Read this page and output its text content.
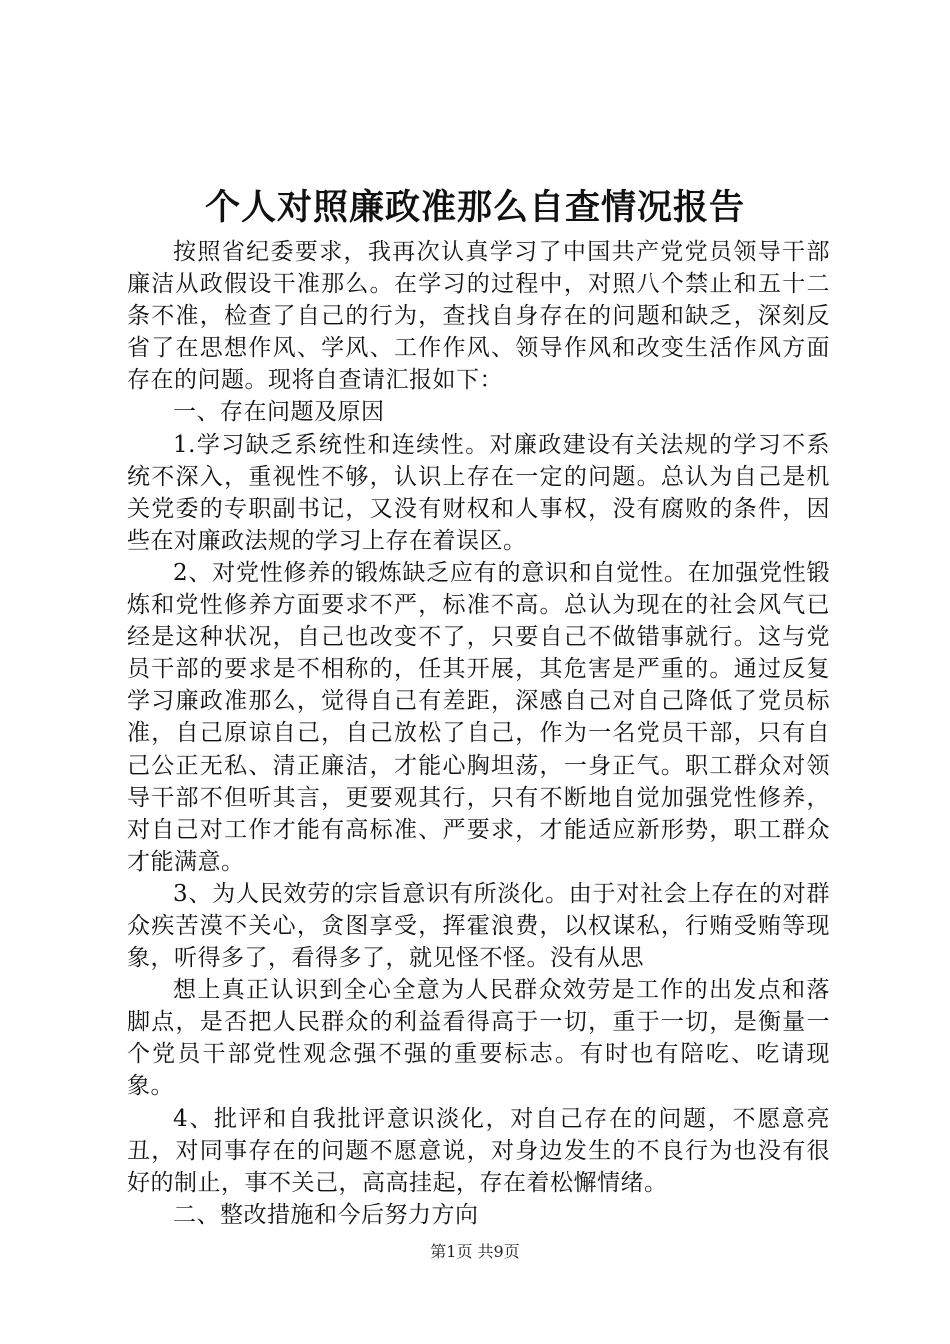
个人对照廉政准那么自查情况报告

按照省纪委要求，我再次认真学习了中国共产党党员领导干部廉洁从政假设干准那么。在学习的过程中，对照八个禁止和五十二条不准，检查了自己的行为，查找自身存在的问题和缺乏，深刻反省了在思想作风、学风、工作作风、领导作风和改变生活作风方面存在的问题。现将自查请汇报如下：

一、存在问题及原因

1.学习缺乏系统性和连续性。对廉政建设有关法规的学习不系统不深入，重视性不够，认识上存在一定的问题。总认为自己是机关党委的专职副书记，又没有财权和人事权，没有腐败的条件，因些在对廉政法规的学习上存在着误区。

2、对党性修养的锻炼缺乏应有的意识和自觉性。在加强党性锻炼和党性修养方面要求不严，标准不高。总认为现在的社会风气已经是这种状况，自己也改变不了，只要自己不做错事就行。这与党员干部的要求是不相称的，任其开展，其危害是严重的。通过反复学习廉政准那么，觉得自己有差距，深感自己对自己降低了党员标准，自己原谅自己，自己放松了自己，作为一名党员干部，只有自己公正无私、清正廉洁，才能心胸坦荡，一身正气。职工群众对领导干部不但听其言，更要观其行，只有不断地自觉加强党性修养，对自己对工作才能有高标准、严要求，才能适应新形势，职工群众才能满意。

3、为人民效劳的宗旨意识有所淡化。由于对社会上存在的对群众疾苦漠不关心，贪图享受，挥霍浪费，以权谋私，行贿受贿等现象，听得多了，看得多了，就见怪不怪。没有从思

想上真正认识到全心全意为人民群众效劳是工作的出发点和落脚点，是否把人民群众的利益看得高于一切，重于一切，是衡量一个党员干部党性观念强不强的重要标志。有时也有陪吃、吃请现象。

4、批评和自我批评意识淡化，对自己存在的问题，不愿意亮丑，对同事存在的问题不愿意说，对身边发生的不良行为也没有很好的制止，事不关己，高高挂起，存在着松懈情绪。

二、整改措施和今后努力方向

第1页 共9页
